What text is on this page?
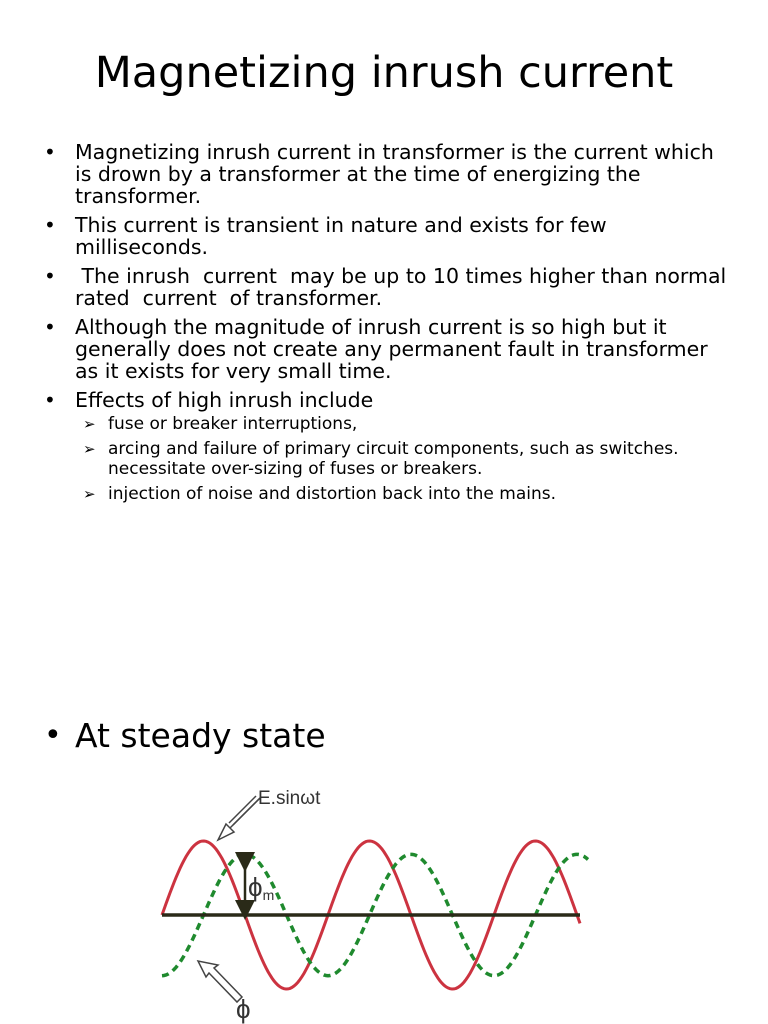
Magnetizing inrush current
• Magnetizing inrush current in transformer is the current which is drown by a transformer at the time of energizing the transformer.
• This current is transient in nature and exists for few milliseconds.
• The inrush  current  may be up to 10 times higher than normal rated  current  of transformer.
• Although the magnitude of inrush current is so high but it generally does not create any permanent fault in transformer as it exists for very small time.
• Effects of high inrush include
➢ fuse or breaker interruptions,
➢ arcing and failure of primary circuit components, such as switches. necessitate over-sizing of fuses or breakers.
➢ injection of noise and distortion back into the mains.
• At steady state
E.sinωt
ϕm
ϕ
